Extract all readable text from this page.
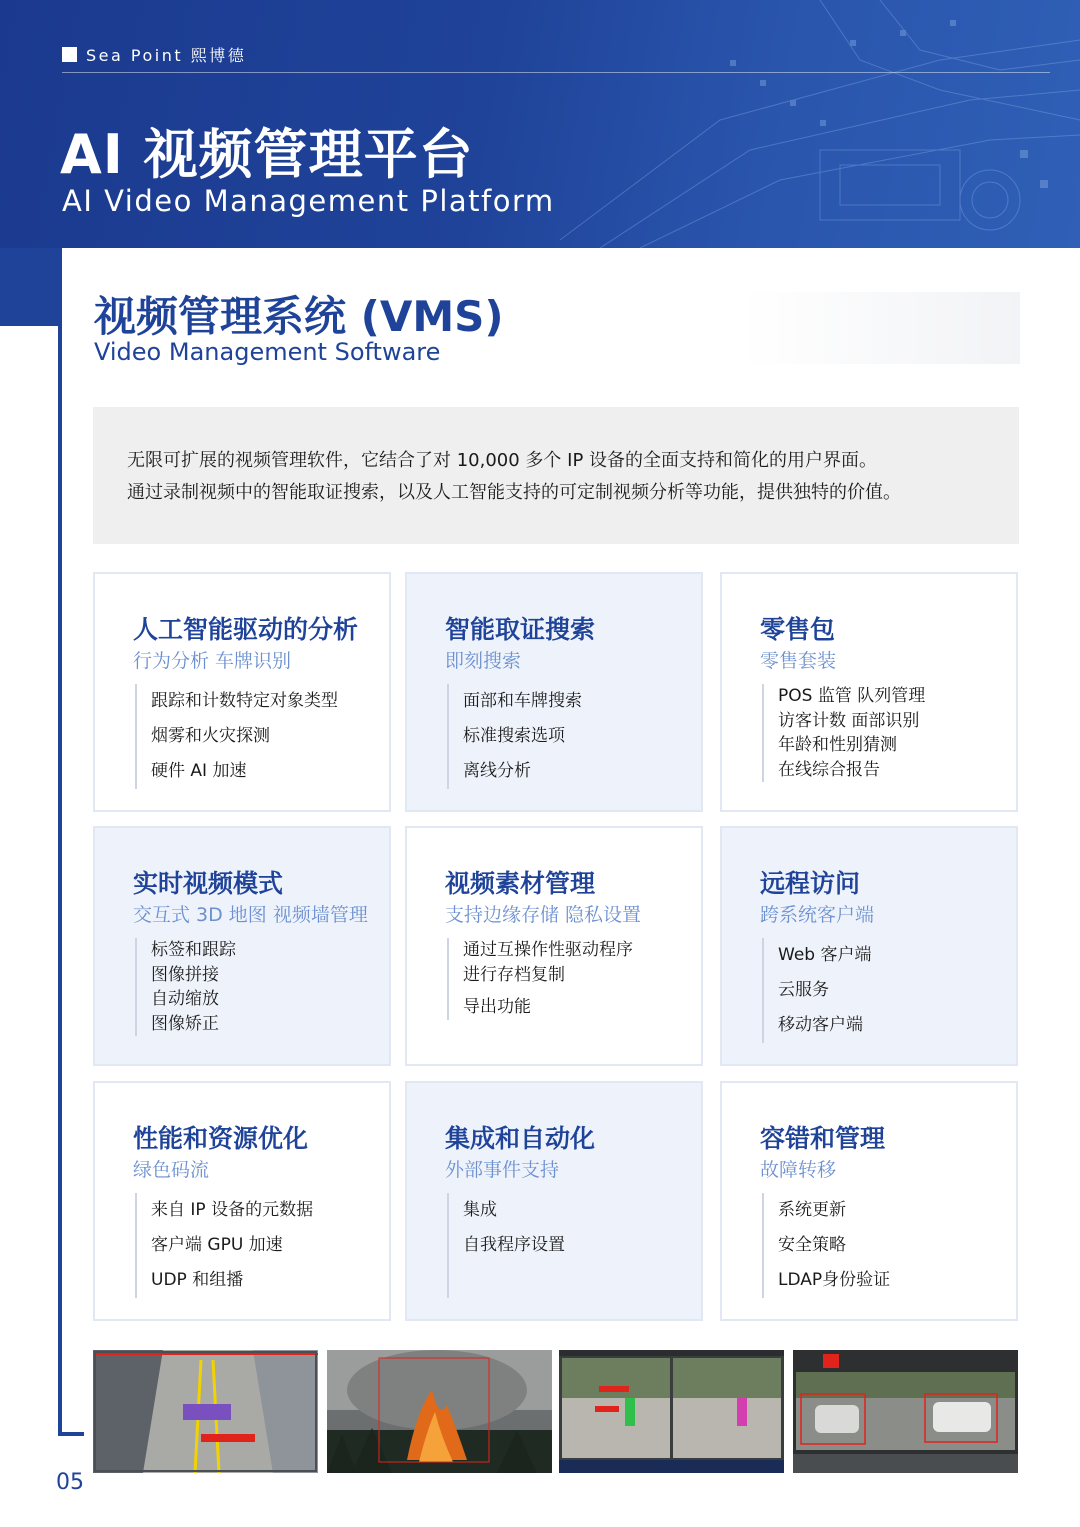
Sea Point 熙博德
AI 视频管理平台
AI Video Management Platform
05
视频管理系统 (VMS)
Video Management Software

无限可扩展的视频管理软件，它结合了对 10,000 多个 IP 设备的全面支持和简化的用户界面。

通过录制视频中的智能取证搜索，以及人工智能支持的可定制视频分析等功能，提供独特的价值。

人工智能驱动的分析
行为分析 车牌识别
跟踪和计数特定对象类型
烟雾和火灾探测
硬件 AI 加速
智能取证搜索
即刻搜索
面部和车牌搜索
标准搜索选项
离线分析
零售包
零售套装
POS 监管 队列管理
访客计数 面部识别
年龄和性别猜测
在线综合报告
实时视频模式
交互式 3D 地图 视频墙管理
标签和跟踪
图像拼接
自动缩放
图像矫正
视频素材管理
支持边缘存储 隐私设置
通过互操作性驱动程序
进行存档复制
导出功能
远程访问
跨系统客户端
Web 客户端
云服务
移动客户端
性能和资源优化
绿色码流
来自 IP 设备的元数据
客户端 GPU 加速
UDP 和组播
集成和自动化
外部事件支持
集成
自我程序设置
容错和管理
故障转移
系统更新
安全策略
LDAP身份验证
